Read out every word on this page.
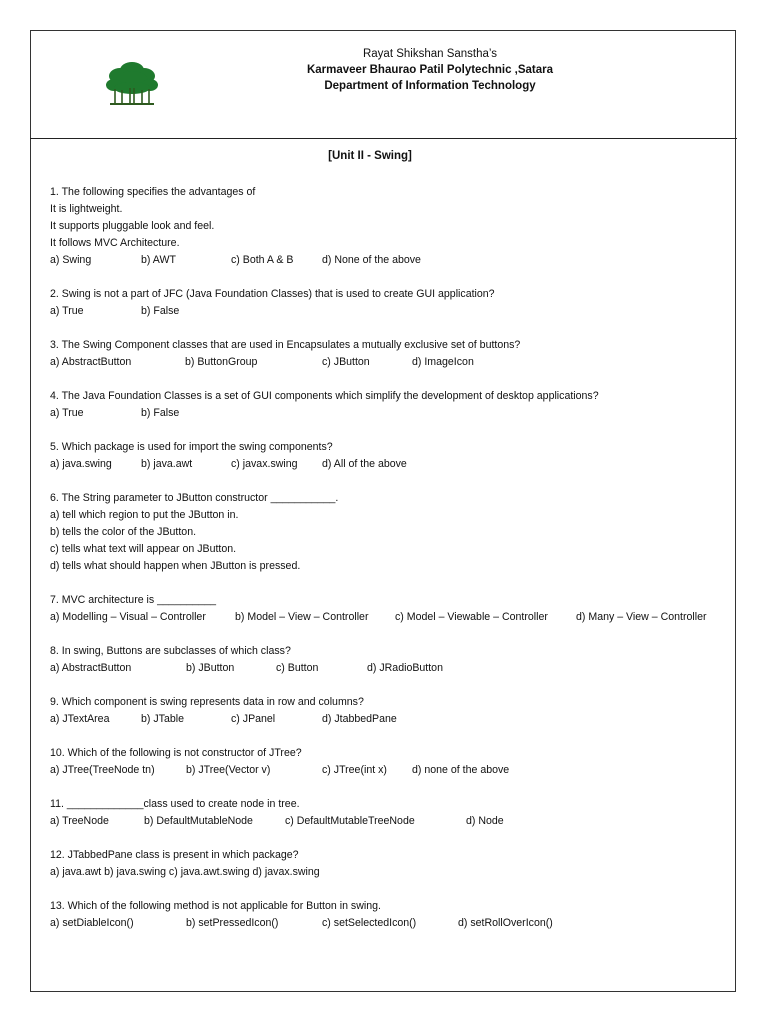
Rayat Shikshan Sanstha’s
Karmaveer Bhaurao Patil Polytechnic ,Satara
Department of Information Technology
[Unit II - Swing]
1. The following specifies the advantages of
It is lightweight.
It supports pluggable look and feel.
It follows MVC Architecture.
a) Swing	b) AWT	c) Both A & B	d) None of the above
2. Swing is not a part of JFC (Java Foundation Classes) that is used to create GUI application?
a) True	b) False
3. The Swing Component classes that are used in Encapsulates a mutually exclusive set of buttons?
a) AbstractButton	b) ButtonGroup	c) JButton	d) ImageIcon
4. The Java Foundation Classes is a set of GUI components which simplify the development of desktop applications?
a) True	b) False
5. Which package is used for import the swing components?
a) java.swing	b) java.awt	c) javax.swing d) All of the above
6. The String parameter to JButton constructor ___________.
a) tell which region to put the JButton in.
b) tells the color of the JButton.
c) tells what text will appear on JButton.
d) tells what should happen when JButton is pressed.
7. MVC architecture is __________
a) Modelling – Visual – Controller	b) Model – View – Controller	c) Model – Viewable – Controller	d) Many – View – Controller
8. In swing, Buttons are subclasses of which class?
a) AbstractButton	b) JButton	c) Button	d) JRadioButton
9. Which component is swing represents data in row and columns?
a) JTextArea	b) JTable	c) JPanel	d) JtabbedPane
10. Which of the following is not constructor of JTree?
a) JTree(TreeNode tn)	b) JTree(Vector v)	c) JTree(int x) d) none of the above
11. _____________class used to create node in tree.
a) TreeNode	b) DefaultMutableNode	c) DefaultMutableTreeNode	d) Node
12. JTabbedPane class is present in which package?
a) java.awt b) java.swing c) java.awt.swing d) javax.swing
13. Which of the following method is not applicable for Button in swing.
a) setDiableIcon()	b) setPressedIcon()	c) setSelectedIcon()	d) setRollOverIcon()
